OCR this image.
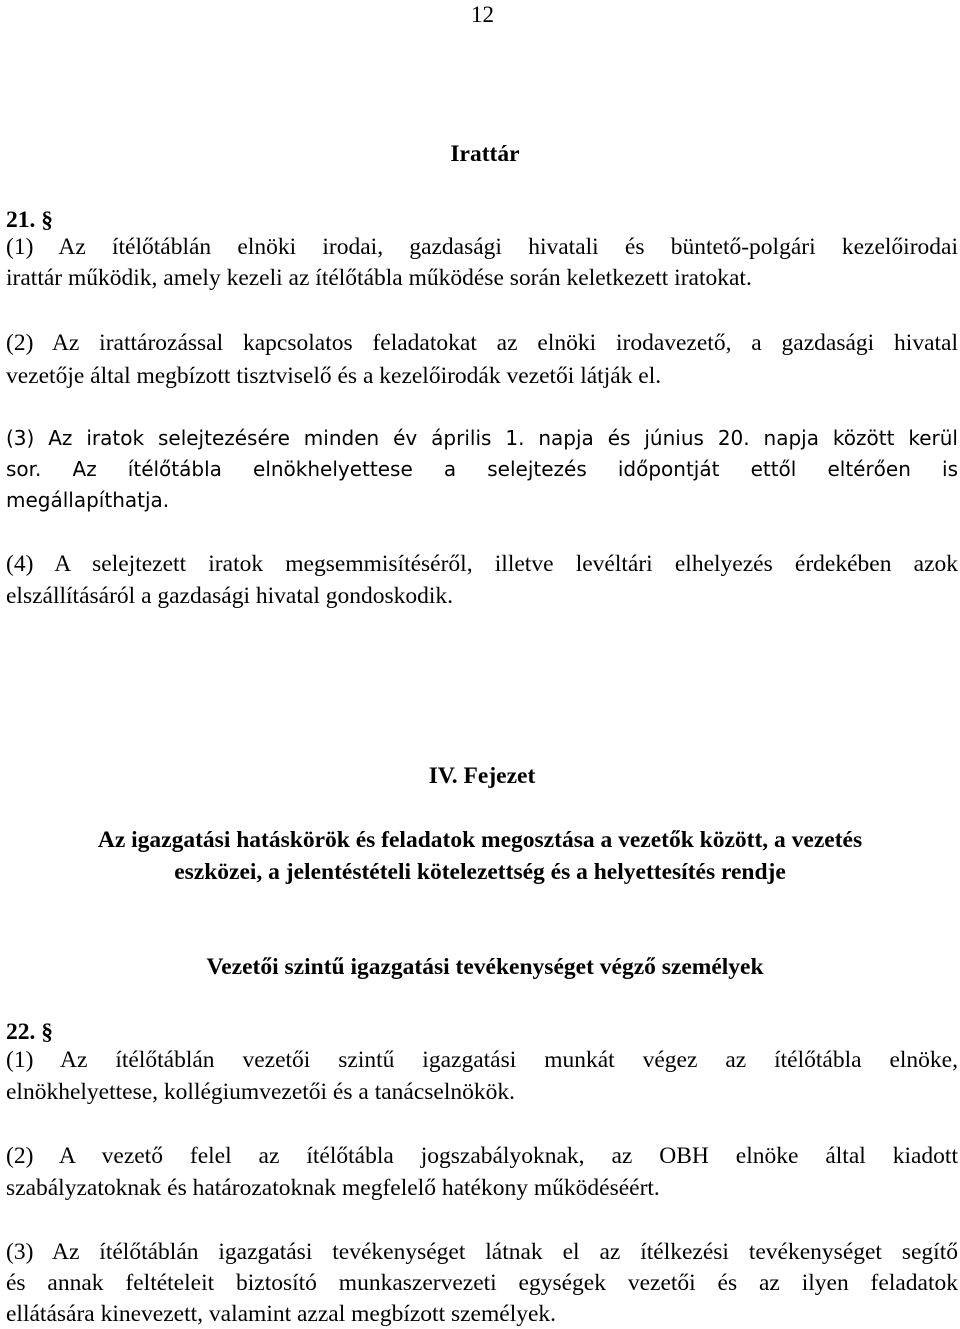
12
Irattár
21. §
(1) Az ítélőtáblán elnöki irodai, gazdasági hivatali és büntető-polgári kezelőirodai
irattár működik, amely kezeli az ítélőtábla működése során keletkezett iratokat.
(2) Az irattározással kapcsolatos feladatokat az elnöki irodavezető, a gazdasági hivatal
vezetője által megbízott tisztviselő és a kezelőirodák vezetői látják el.
(3) Az iratok selejtezésére minden év április 1. napja és június 20. napja között kerül
sor. Az ítélőtábla elnökhelyettese a selejtezés időpontját ettől eltérően is
megállapíthatja.
(4) A selejtezett iratok megsemmisítéséről, illetve levéltári elhelyezés érdekében azok
elszállításáról a gazdasági hivatal gondoskodik.
IV. Fejezet
Az igazgatási hatáskörök és feladatok megosztása a vezetők között, a vezetés
eszközei, a jelentéstételi kötelezettség és a helyettesítés rendje
Vezetői szintű igazgatási tevékenységet végző személyek
22. §
(1) Az ítélőtáblán vezetői szintű igazgatási munkát végez az ítélőtábla elnöke,
elnökhelyettese, kollégiumvezetői és a tanácselnökök.
(2) A vezető felel az ítélőtábla jogszabályoknak, az OBH elnöke által kiadott
szabályzatoknak és határozatoknak megfelelő hatékony működéséért.
(3) Az ítélőtáblán igazgatási tevékenységet látnak el az ítélkezési tevékenységet segítő
és annak feltételeit biztosító munkaszervezeti egységek vezetői és az ilyen feladatok
ellátására kinevezett, valamint azzal megbízott személyek.
